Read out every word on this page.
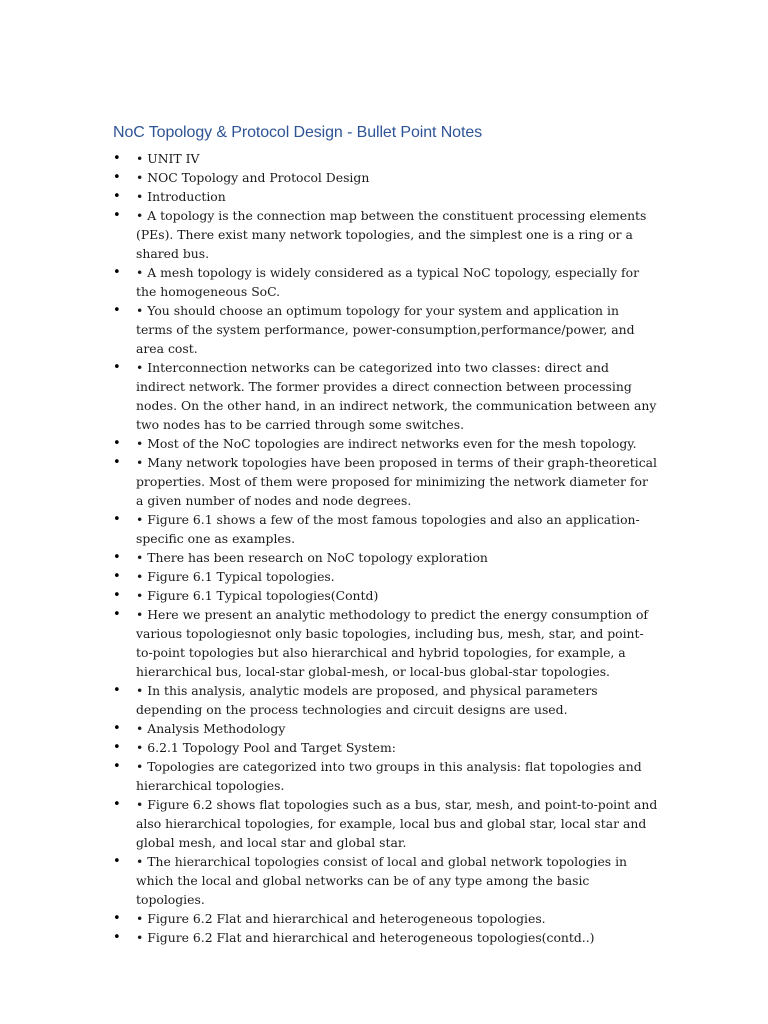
NoC Topology & Protocol Design - Bullet Point Notes
• • UNIT IV
• • NOC Topology and Protocol Design
• • Introduction
• • A topology is the connection map between the constituent processing elements (PEs). There exist many network topologies, and the simplest one is a ring or a shared bus.
• • A mesh topology is widely considered as a typical NoC topology, especially for the homogeneous SoC.
• • You should choose an optimum topology for your system and application in terms of the system performance, power-consumption,performance/power, and area cost.
• • Interconnection networks can be categorized into two classes: direct and indirect network. The former provides a direct connection between processing nodes. On the other hand, in an indirect network, the communication between any two nodes has to be carried through some switches.
• • Most of the NoC topologies are indirect networks even for the mesh topology.
• • Many network topologies have been proposed in terms of their graph-theoretical properties. Most of them were proposed for minimizing the network diameter for a given number of nodes and node degrees.
• • Figure 6.1 shows a few of the most famous topologies and also an application-specific one as examples.
• • There has been research on NoC topology exploration
• • Figure 6.1 Typical topologies.
• • Figure 6.1 Typical topologies(Contd)
• • Here we present an analytic methodology to predict the energy consumption of various topologiesnot only basic topologies, including bus, mesh, star, and point-to-point topologies but also hierarchical and hybrid topologies, for example, a hierarchical bus, local-star global-mesh, or local-bus global-star topologies.
• • In this analysis, analytic models are proposed, and physical parameters depending on the process technologies and circuit designs are used.
• • Analysis Methodology
• • 6.2.1 Topology Pool and Target System:
• • Topologies are categorized into two groups in this analysis: flat topologies and hierarchical topologies.
• • Figure 6.2 shows flat topologies such as a bus, star, mesh, and point-to-point and also hierarchical topologies, for example, local bus and global star, local star and global mesh, and local star and global star.
• • The hierarchical topologies consist of local and global network topologies in which the local and global networks can be of any type among the basic topologies.
• • Figure 6.2 Flat and hierarchical and heterogeneous topologies.
• • Figure 6.2 Flat and hierarchical and heterogeneous topologies(contd..)
